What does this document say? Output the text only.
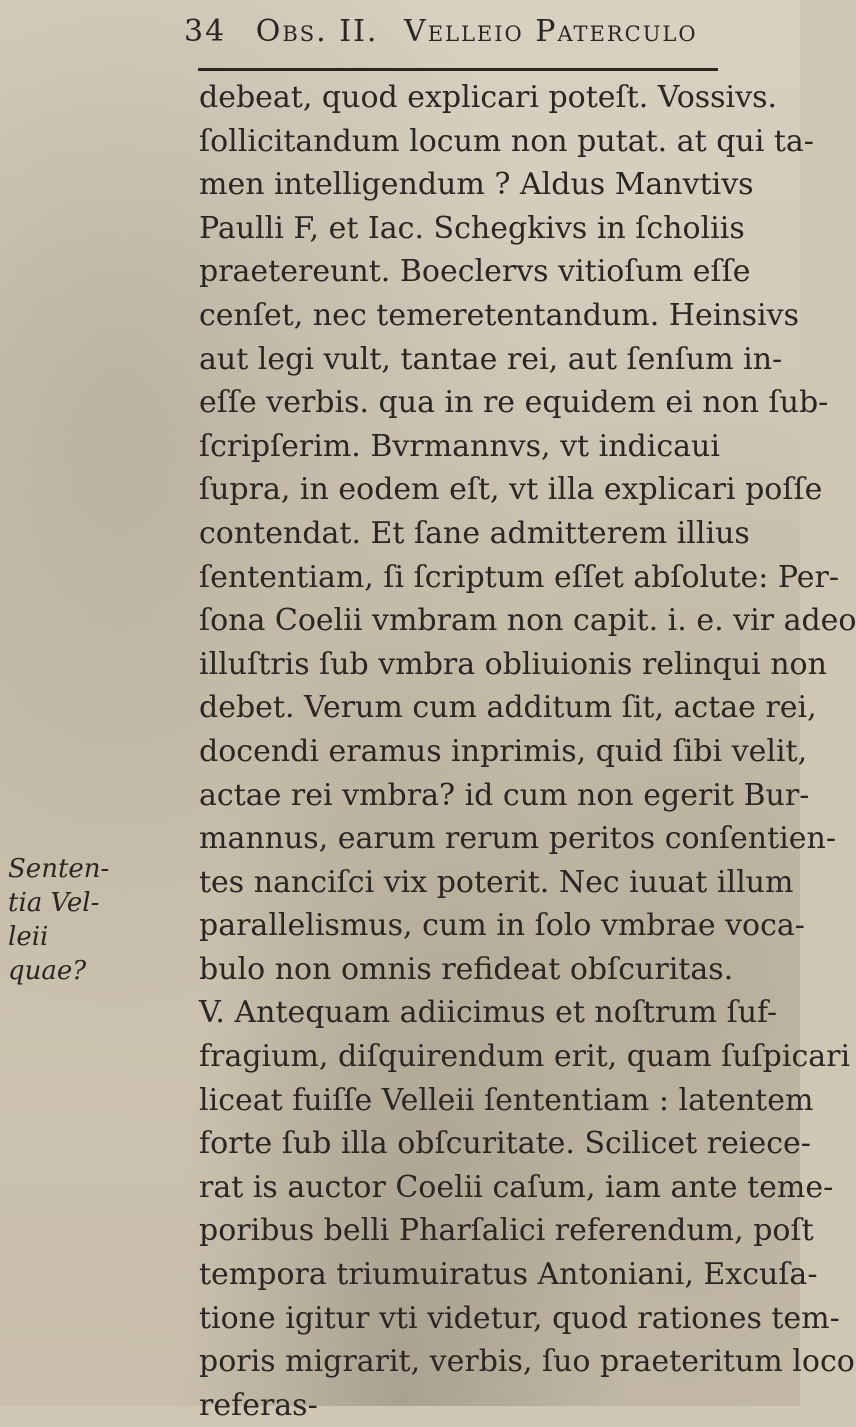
34 Obs. II. Velleio Paterculo
Senten-
tia Vel-
leii
quae?
debeat, quod explicari poteſt. Vossivs.
ſollicitandum locum non putat. at qui ta-
men intelligendum ? Aldus Manvtivs
Paulli F, et Iac. Schegkivs in ſcholiis
praetereunt. Boeclervs vitioſum eſſe
cenſet, nec temeretentandum. Heinsivs
aut legi vult, tantae rei, aut ſenſum in-
eſſe verbis. qua in re equidem ei non ſub-
ſcripſerim. Bvrmannvs, vt indicaui
ſupra, in eodem eſt, vt illa explicari poſſe
contendat. Et ſane admitterem illius
ſententiam, ſi ſcriptum eſſet abſolute: Per-
ſona Coelii vmbram non capit. i. e. vir adeo
illuſtris ſub vmbra obliuionis relinqui non
debet. Verum cum additum ſit, actae rei,
docendi eramus inprimis, quid ſibi velit,
actae rei vmbra? id cum non egerit Bur-
mannus, earum rerum peritos conſentien-
tes nanciſci vix poterit. Nec iuuat illum
parallelismus, cum in ſolo vmbrae voca-
bulo non omnis refideat obſcuritas.
V. Antequam adiicimus et noſtrum ſuf-
fragium, diſquirendum erit, quam ſuſpicari
liceat fuiſſe Velleii ſententiam : latentem
forte ſub illa obſcuritate. Scilicet reiece-
rat is auctor Coelii caſum, iam ante teme-
poribus belli Pharſalici referendum, poſt
tempora triumuiratus Antoniani, Excuſa-
tione igitur vti videtur, quod rationes tem-
poris migrarit, verbis, ſuo praeteritum loco
referas-
